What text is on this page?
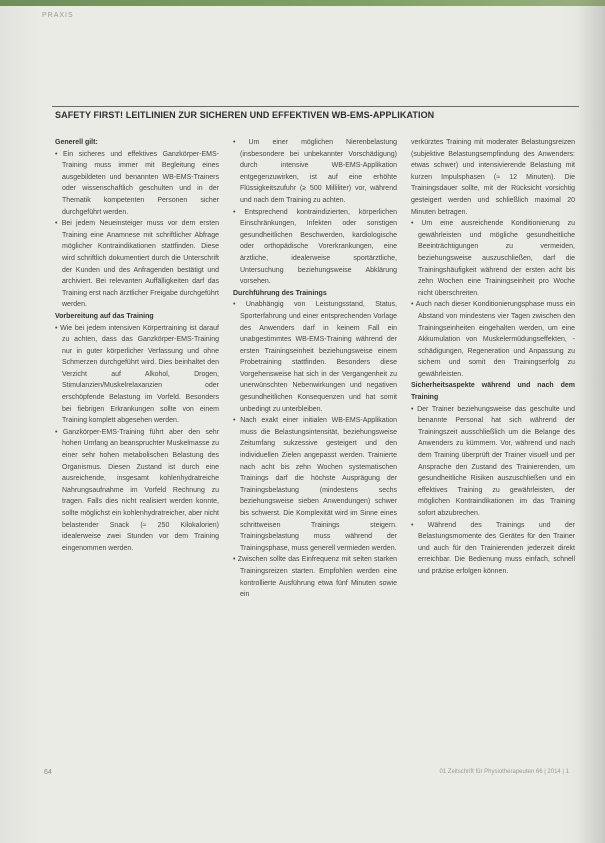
PRAXIS
SAFETY FIRST! LEITLINIEN ZUR SICHEREN UND EFFEKTIVEN WB-EMS-APPLIKATION
Generell gilt:

• Ein sicheres und effektives Ganzkörper-EMS-Training muss immer mit Begleitung eines ausgebildeten und benannten WB-EMS-Trainers oder wissenschaftlich geschulten und in der Thematik kompetenten Personen sicher durchgeführt werden.

• Bei jedem Neueinsteiger muss vor dem ersten Training eine Anamnese mit schriftlicher Abfrage möglicher Kontraindikationen stattfinden. Diese wird schriftlich dokumentiert durch die Unterschrift der Kunden und des Anfragenden bestätigt und archiviert. Bei relevanten Auffälligkeiten darf das Training erst nach ärztlicher Freigabe durchgeführt werden.

Vorbereitung auf das Training

• Wie bei jedem intensiven Körpertraining ist darauf zu achten, dass das Ganzkörper-EMS-Training nur in guter körperlicher Verfassung und ohne Schmerzen durchgeführt wird. Dies beinhaltet den Verzicht auf Alkohol, Drogen, Stimulanzien/Muskelrelaxanzien oder erschöpfende Belastung im Vorfeld. Besonders bei fiebrigen Erkrankungen sollte von einem Training komplett abgesehen werden.

• Ganzkörper-EMS-Training führt aber den sehr hohen Umfang an beanspruchter Muskelmasse zu einer sehr hohen metabolischen Belastung des Organismus. Diesen Zustand ist durch eine ausreichende, insgesamt kohlenhydratreiche Nahrungsaufnahme im Vorfeld Rechnung zu tragen. Falls dies nicht realisiert werden konnte, sollte möglichst ein kohlenhydratreicher, aber nicht belastender Snack (≈ 250 Kilokalorien) idealerweise zwei Stunden vor dem Training eingenommen werden.

• Um einer möglichen Nierenbelastung (insbesondere bei unbekannter Vorschädigung) durch intensive WB-EMS-Applikation entgegenzuwirken, ist auf eine erhöhte Flüssigkeitszufuhr (≥ 500 Milliliter) vor, während und nach dem Training zu achten.

• Entsprechend kontraindizierten, körperlichen Einschränkungen, Infekten oder sonstigen gesundheitlichen Beschwerden, kardiologische oder orthopädische Vorerkrankungen, eine ärztliche, idealerweise sportärztliche, Untersuchung beziehungsweise Abklärung vorsehen.

Durchführung des Trainings

• Unabhängig von Leistungsstand, Status, Sporterfahrung und einer entsprechenden Vorlage des Anwenders darf in keinem Fall ein unabgestimmtes WB-EMS-Training während der ersten Trainingseinheit beziehungsweise einem Probetraining stattfinden. Besonders diese Vorgehensweise hat sich in der Vergangenheit zu unerwünschten Nebenwirkungen und negativen gesundheitlichen Konsequenzen und hat somit unbedingt zu unterbleiben.

• Nach exakt einer initialen WB-EMS-Applikation muss die Belastungsintensität, beziehungsweise Zeitumfang sukzessive gesteigert und den individuellen Zielen angepasst werden. Trainierte nach acht bis zehn Wochen systematischen Trainings darf die höchste Ausprägung der Trainingsbelastung (mindestens sechs beziehungsweise sieben Anwendungen) schwer bis schwerst. Die Komplexität wird im Sinne eines schrittweisen Trainings steigern. Trainingsbelastung muss während der Trainingsphase, muss generell vermieden werden.

• Zwischen sollte das Einfrequenz mit selten starken Trainingsreizen starten. Empfohlen werden eine kontrollierte Ausführung etwa fünf Minuten sowie ein

verkürztes Training mit moderater Belastungsreizen (subjektive Belastungsempfindung des Anwenders: etwas schwer) und intensivierende Belastung mit kurzen Impulsphasen (≈ 12 Minuten). Die Trainingsdauer sollte, mit der Rücksicht vorsichtig gesteigert werden und schließlich maximal 20 Minuten betragen.

• Um eine ausreichende Konditionierung zu gewährleisten und mögliche gesundheitliche Beeinträchtigungen zu vermeiden, beziehungsweise auszuschließen, darf die Trainingshäufigkeit während der ersten acht bis zehn Wochen eine Trainingseinheit pro Woche nicht überschreiten.

• Auch nach dieser Konditionierungsphase muss ein Abstand von mindestens vier Tagen zwischen den Trainingseinheiten eingehalten werden, um eine Akkumulation von Muskelermüdungseffekten, -schädigungen, Regeneration und Anpassung zu sichern und somit den Trainingserfolg zu gewährleisten.

Sicherheitsaspekte während und nach dem Training

• Der Trainer beziehungsweise das geschulte und benannte Personal hat sich während der Trainingszeit ausschließlich um die Belange des Anwenders zu kümmern. Vor, während und nach dem Training überprüft der Trainer visuell und per Ansprache den Zustand des Trainierenden, um gesundheitliche Risiken auszuschließen und ein effektives Training zu gewährleisten, der möglichen Kontraindikationen im das Training sofort abzubrechen.

• Während des Trainings und der Belastungsmomente des Gerätes für den Trainer und auch für den Trainierenden jederzeit direkt erreichbar. Die Bedienung muss einfach, schnell und präzise erfolgen können.

64	01 Zeitschrift für Physiotherapeuten 66 | 2014 | 1
